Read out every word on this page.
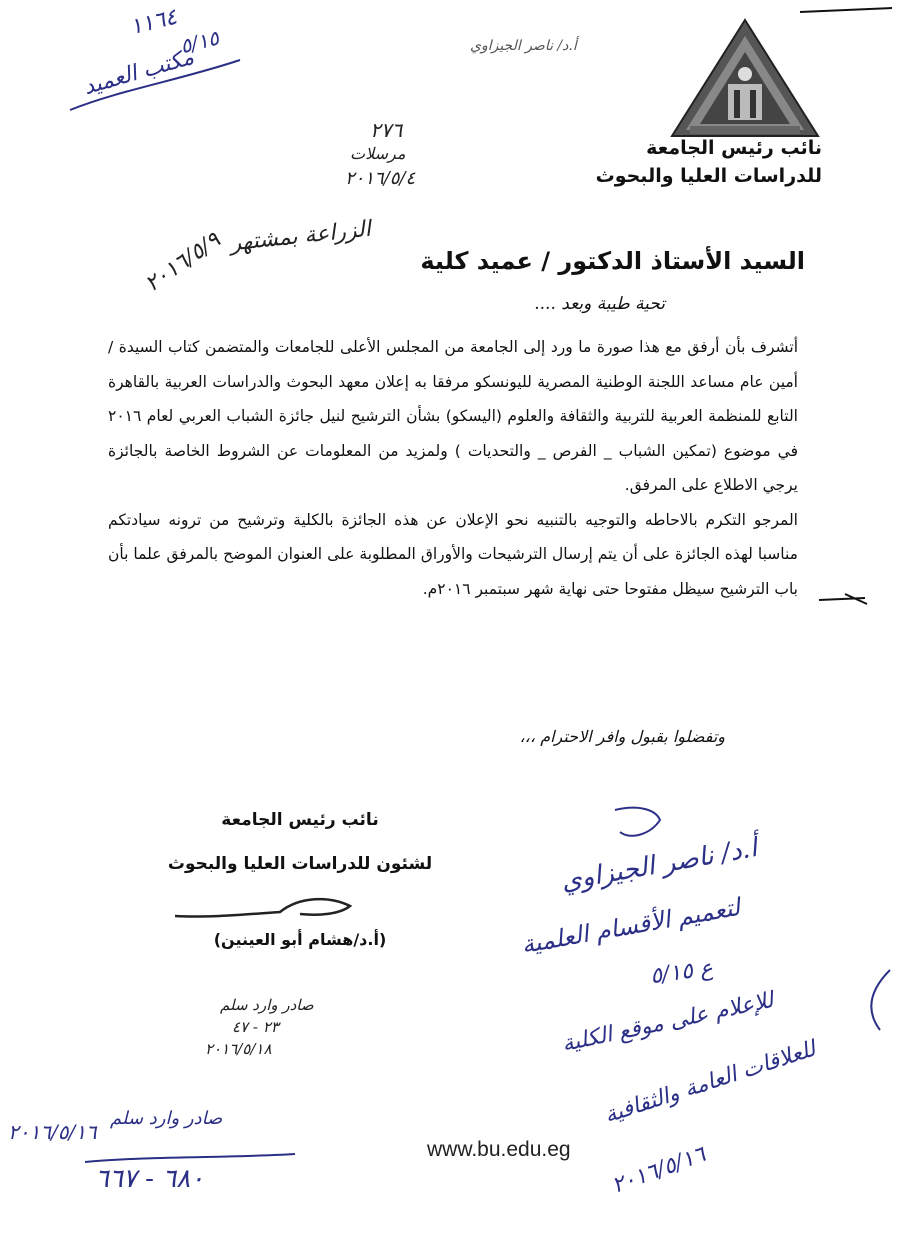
نائب رئيس الجامعة
للدراسات العليا والبحوث
١١٦٤
٥/١٥
مكتب العميد	أ.د/ ناصر الجيزاوي
٢٧٦
مرسلات
٢٠١٦/٥/٤
السيد الأستاذ الدكتور / عميد كلية
الزراعة بمشتهر
٢٠١٦/٥/٩
تحية طيبة وبعد ....

أتشرف بأن أرفق مع هذا صورة ما ورد إلى الجامعة من المجلس الأعلى للجامعات والمتضمن كتاب السيدة / أمين عام مساعد اللجنة الوطنية المصرية لليونسكو مرفقا به إعلان معهد البحوث والدراسات العربية بالقاهرة التابع للمنظمة العربية للتربية والثقافة والعلوم (اليسكو) بشأن الترشيح لنيل جائزة الشباب العربي لعام ٢٠١٦ في موضوع (تمكين الشباب _ الفرص _ والتحديات ) ولمزيد من المعلومات عن الشروط الخاصة بالجائزة يرجي الاطلاع على المرفق.

المرجو التكرم بالاحاطه والتوجيه بالتنبيه نحو الإعلان عن هذه الجائزة بالكلية وترشيح من ترونه سيادتكم مناسبا لهذه الجائزة على أن يتم إرسال الترشيحات والأوراق المطلوبة على العنوان الموضح بالمرفق علما بأن باب الترشيح سيظل مفتوحا حتى نهاية شهر سبتمبر ٢٠١٦م.

وتفضلوا بقبول وافر الاحترام ،،،
نائب رئيس الجامعة
لشئون للدراسات العليا والبحوث
(أ.د/هشام أبو العينين)
صادر وارد سلم
٢٣ - ٤٧
٢٠١٦/٥/١٨
أ.د/ ناصر الجيزاوي
لتعميم الأقسام العلمية
ع ٥/١٥
للإعلام على موقع الكلية
للعلاقات العامة والثقافية
٢٠١٦/٥/١٦
صادر وارد سلم
٢٠١٦/٥/١٦
٦٨٠ - ٦٦٧
www.bu.edu.eg
